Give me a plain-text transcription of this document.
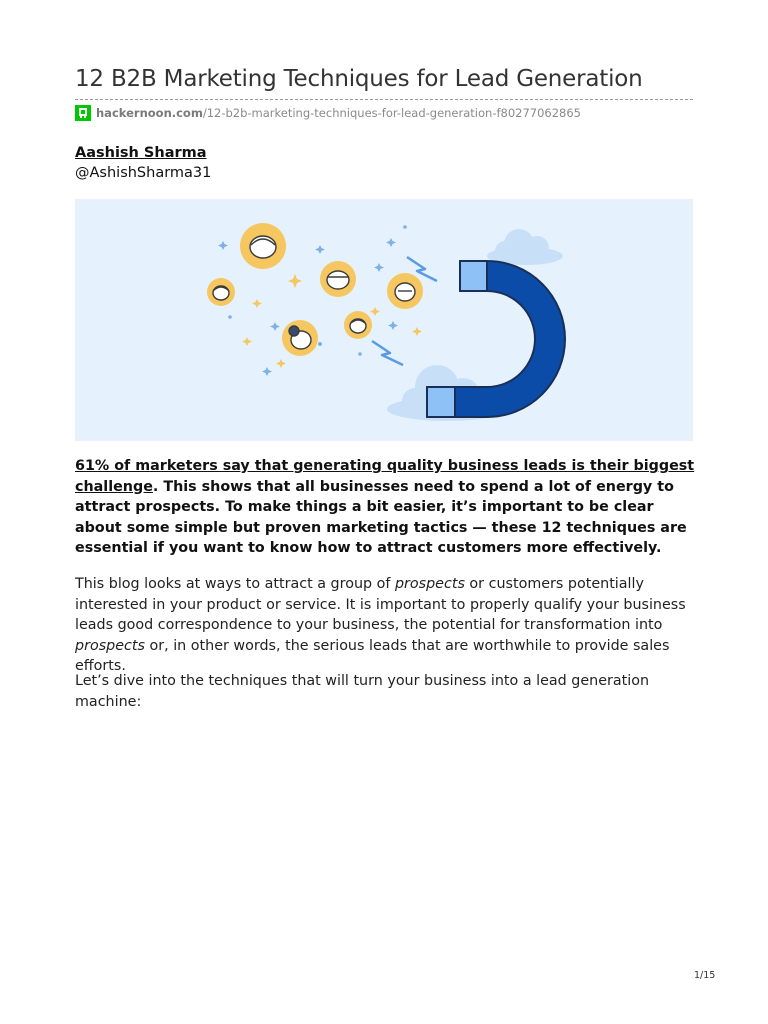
12 B2B Marketing Techniques for Lead Generation
hackernoon.com /12-b2b-marketing-techniques-for-lead-generation-f80277062865
Aashish Sharma
@AshishSharma31
61% of marketers say that generating quality business leads is their biggest challenge. This shows that all businesses need to spend a lot of energy to attract prospects. To make things a bit easier, it’s important to be clear about some simple but proven marketing tactics — these 12 techniques are essential if you want to know how to attract customers more effectively.

This blog looks at ways to attract a group of prospects or customers potentially interested in your product or service. It is important to properly qualify your business leads good correspondence to your business, the potential for transformation into prospects or, in other words, the serious leads that are worthwhile to provide sales efforts.

Let’s dive into the techniques that will turn your business into a lead generation machine:

1/15
